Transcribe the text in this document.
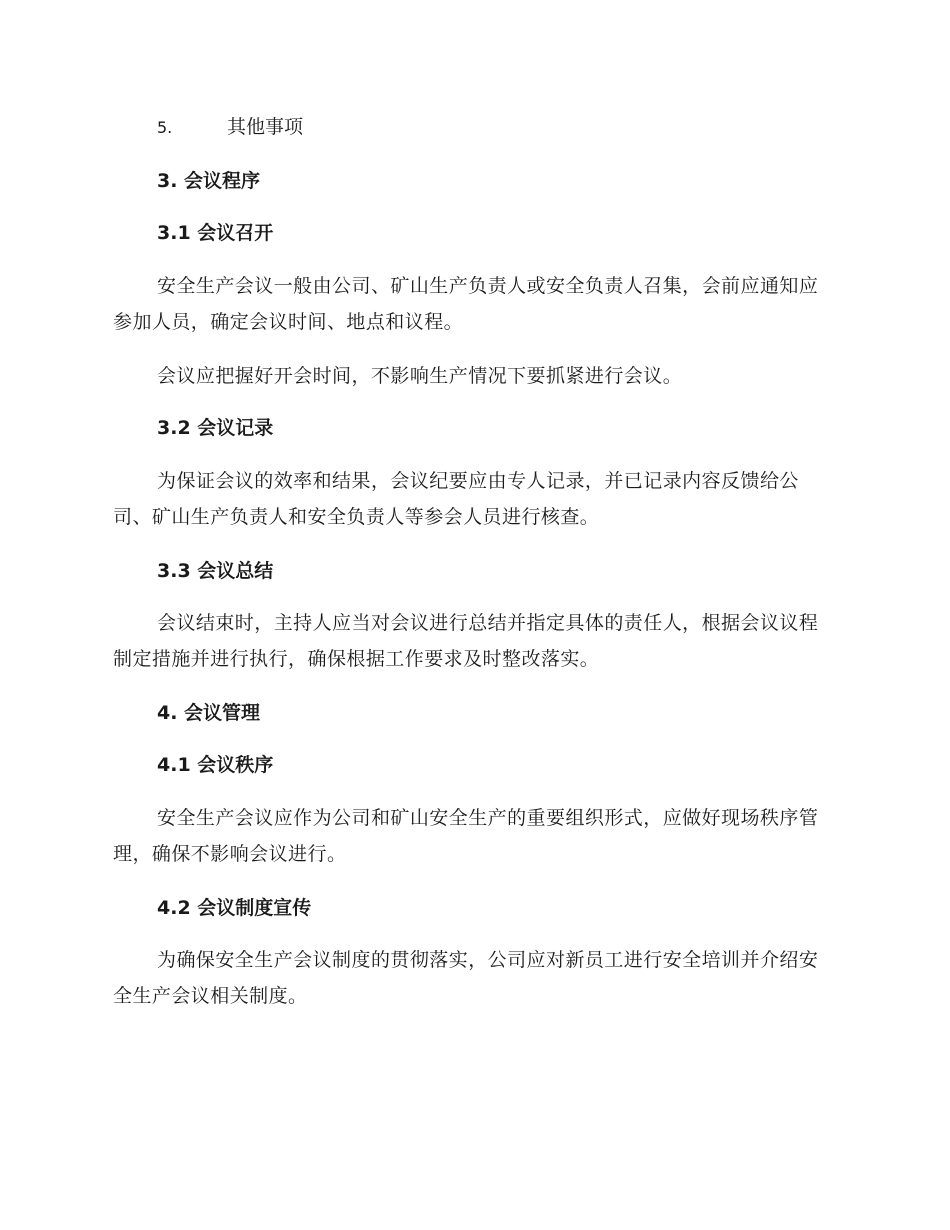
5.	其他事项
3. 会议程序
3.1 会议召开

安全生产会议一般由公司、矿山生产负责人或安全负责人召集，会前应通知应参加人员，确定会议时间、地点和议程。

会议应把握好开会时间，不影响生产情况下要抓紧进行会议。

3.2 会议记录

为保证会议的效率和结果，会议纪要应由专人记录，并已记录内容反馈给公司、矿山生产负责人和安全负责人等参会人员进行核查。

3.3 会议总结

会议结束时，主持人应当对会议进行总结并指定具体的责任人，根据会议议程制定措施并进行执行，确保根据工作要求及时整改落实。

4. 会议管理
4.1 会议秩序

安全生产会议应作为公司和矿山安全生产的重要组织形式，应做好现场秩序管理，确保不影响会议进行。

4.2 会议制度宣传

为确保安全生产会议制度的贯彻落实，公司应对新员工进行安全培训并介绍安全生产会议相关制度。
